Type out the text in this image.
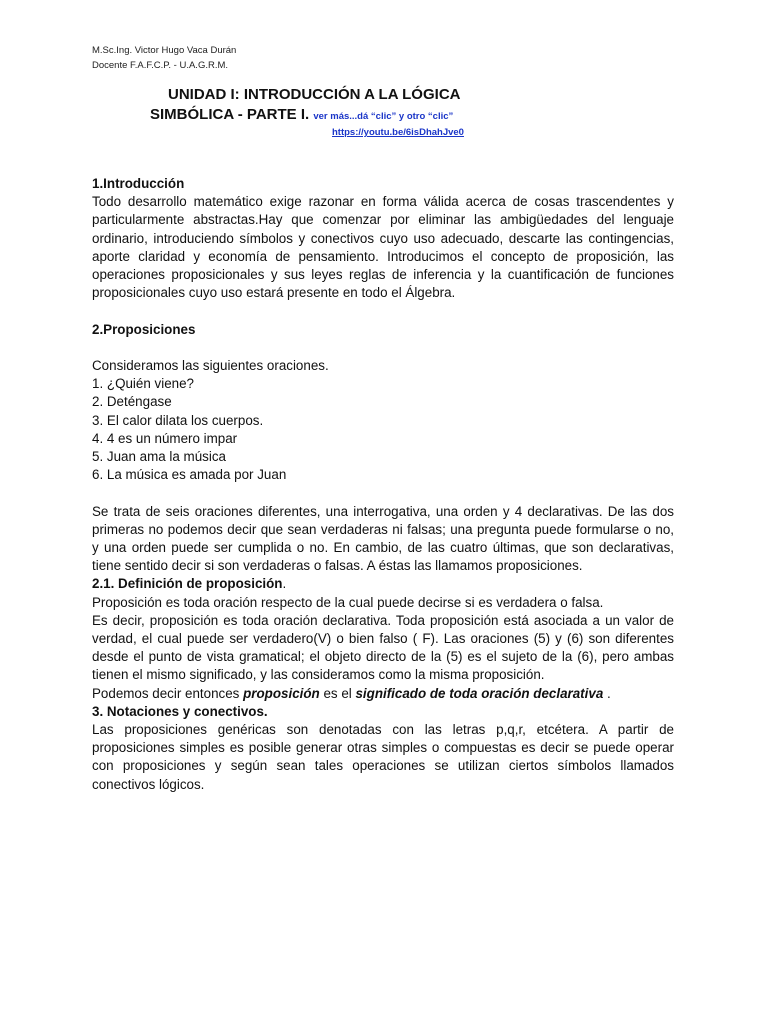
M.Sc.Ing. Victor Hugo Vaca Durán
Docente F.A.F.C.P. - U.A.G.R.M.
UNIDAD I: INTRODUCCIÓN A LA LÓGICA
SIMBÓLICA - PARTE I. ver más...dá “clic” y otro “clic”
https://youtu.be/6isDhahJve0

1.Introducción

Todo desarrollo matemático exige razonar en forma válida acerca de cosas trascendentes y particularmente abstractas.Hay que comenzar por eliminar las ambigüedades del lenguaje ordinario, introduciendo símbolos y conectivos cuyo uso adecuado, descarte las contingencias, aporte claridad y economía de pensamiento. Introducimos el concepto de proposición, las operaciones proposicionales y sus leyes reglas de inferencia y la cuantificación de funciones proposicionales cuyo uso estará presente en todo el Álgebra.

2.Proposiciones

Consideramos las siguientes oraciones.

1. ¿Quién viene?

2. Deténgase

3. El calor dilata los cuerpos.

4. 4 es un número impar

5. Juan ama la música

6. La música es amada por Juan

Se trata de seis oraciones diferentes, una interrogativa, una orden y 4 declarativas. De las dos primeras no podemos decir que sean verdaderas ni falsas; una pregunta puede formularse o no, y una orden puede ser cumplida o no. En cambio, de las cuatro últimas, que son declarativas, tiene sentido decir si son verdaderas o falsas. A éstas las llamamos proposiciones.

2.1. Definición de proposición.

Proposición es toda oración respecto de la cual puede decirse si es verdadera o falsa.

Es decir, proposición es toda oración declarativa. Toda proposición está asociada a un valor de verdad, el cual puede ser verdadero(V) o bien falso ( F). Las oraciones (5) y (6) son diferentes desde el punto de vista gramatical; el objeto directo de la (5) es el sujeto de la (6), pero ambas tienen el mismo significado, y las consideramos como la misma proposición.

Podemos decir entonces proposición es el significado de toda oración declarativa .

3. Notaciones y conectivos.

Las proposiciones genéricas son denotadas con las letras p,q,r, etcétera. A partir de proposiciones simples es posible generar otras simples o compuestas es decir se puede operar con proposiciones y según sean tales operaciones se utilizan ciertos símbolos llamados conectivos lógicos.
